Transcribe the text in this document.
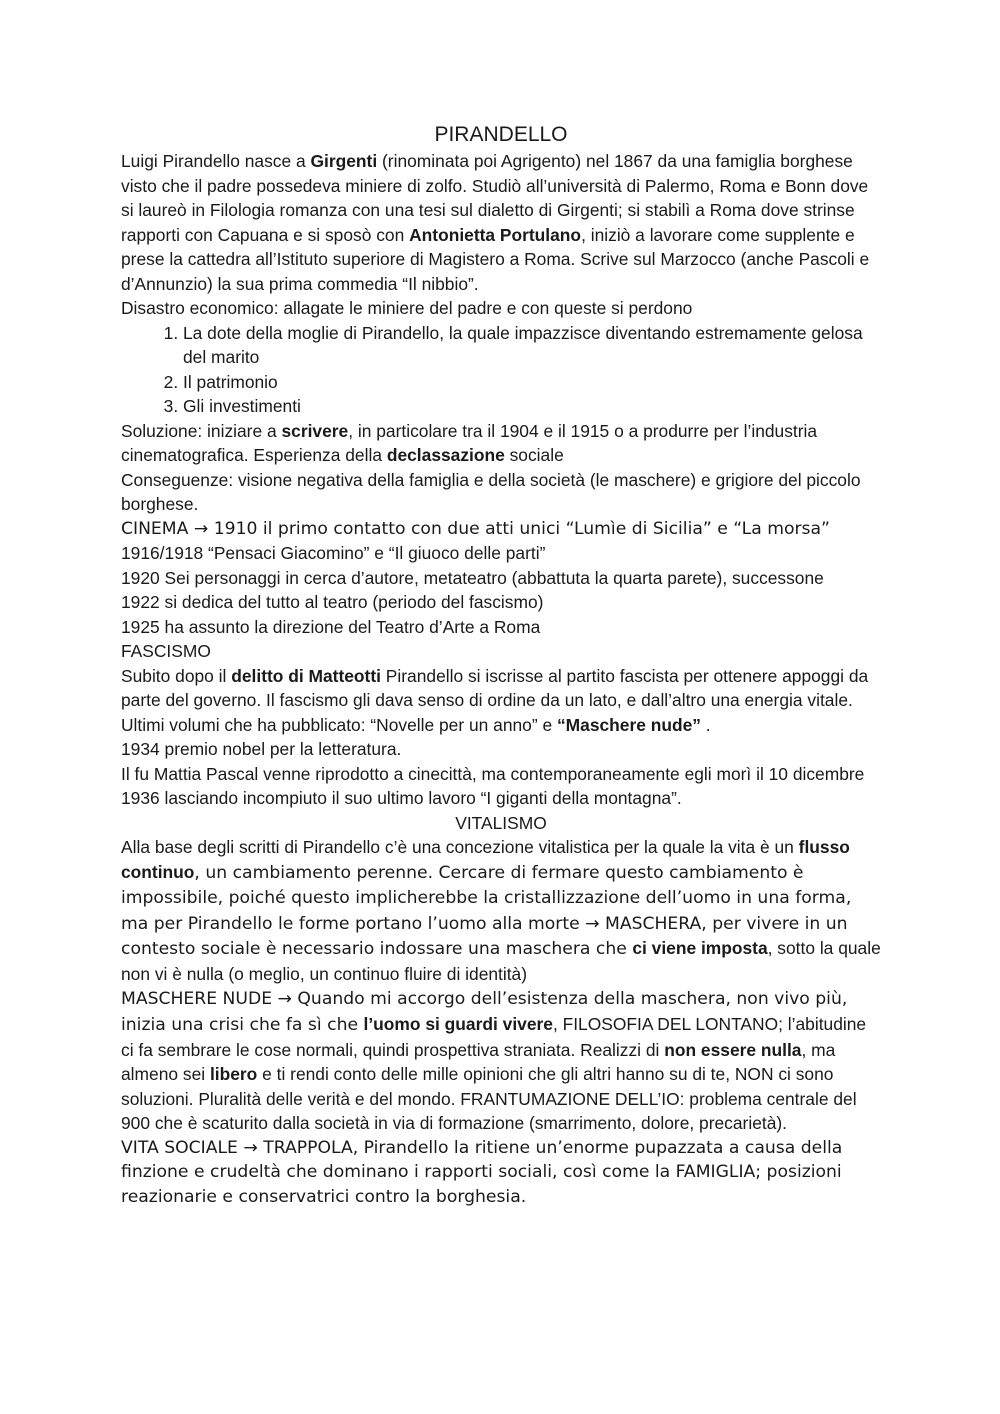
PIRANDELLO

Luigi Pirandello nasce a Girgenti (rinominata poi Agrigento) nel 1867 da una famiglia borghese visto che il padre possedeva miniere di zolfo. Studiò all’università di Palermo, Roma e Bonn dove si laureò in Filologia romanza con una tesi sul dialetto di Girgenti; si stabilì a Roma dove strinse rapporti con Capuana e si sposò con Antonietta Portulano, iniziò a lavorare come supplente e prese la cattedra all’Istituto superiore di Magistero a Roma. Scrive sul Marzocco (anche Pascoli e d’Annunzio) la sua prima commedia “Il nibbio”.

Disastro economico: allagate le miniere del padre e con queste si perdono

1. La dote della moglie di Pirandello, la quale impazzisce diventando estremamente gelosa del marito
2. Il patrimonio
3. Gli investimenti

Soluzione: iniziare a scrivere, in particolare tra il 1904 e il 1915 o a produrre per l’industria cinematografica. Esperienza della declassazione sociale

Conseguenze: visione negativa della famiglia e della società (le maschere) e grigiore del piccolo borghese.

CINEMA → 1910 il primo contatto con due atti unici “Lumìe di Sicilia” e “La morsa”

1916/1918 “Pensaci Giacomino” e “Il giuoco delle parti”

1920 Sei personaggi in cerca d’autore, metateatro (abbattuta la quarta parete), successone

1922 si dedica del tutto al teatro (periodo del fascismo)

1925 ha assunto la direzione del Teatro d’Arte a Roma

FASCISMO

Subito dopo il delitto di Matteotti Pirandello si iscrisse al partito fascista per ottenere appoggi da parte del governo. Il fascismo gli dava senso di ordine da un lato, e dall’altro una energia vitale. Ultimi volumi che ha pubblicato: “Novelle per un anno” e “Maschere nude” .

1934 premio nobel per la letteratura.

Il fu Mattia Pascal venne riprodotto a cinecittà, ma contemporaneamente egli morì il 10 dicembre 1936 lasciando incompiuto il suo ultimo lavoro “I giganti della montagna”.

VITALISMO

Alla base degli scritti di Pirandello c’è una concezione vitalistica per la quale la vita è un flusso continuo, un cambiamento perenne. Cercare di fermare questo cambiamento è impossibile, poiché questo implicherebbe la cristallizzazione dell’uomo in una forma, ma per Pirandello le forme portano l’uomo alla morte → MASCHERA, per vivere in un contesto sociale è necessario indossare una maschera che ci viene imposta, sotto la quale non vi è nulla (o meglio, un continuo fluire di identità)

MASCHERE NUDE → Quando mi accorgo dell’esistenza della maschera, non vivo più, inizia una crisi che fa sì che l’uomo si guardi vivere, FILOSOFIA DEL LONTANO; l’abitudine ci fa sembrare le cose normali, quindi prospettiva straniata. Realizzi di non essere nulla, ma almeno sei libero e ti rendi conto delle mille opinioni che gli altri hanno su di te, NON ci sono soluzioni. Pluralità delle verità e del mondo. FRANTUMAZIONE DELL’IO: problema centrale del 900 che è scaturito dalla società in via di formazione (smarrimento, dolore, precarietà).

VITA SOCIALE → TRAPPOLA, Pirandello la ritiene un’enorme pupazzata a causa della finzione e crudeltà che dominano i rapporti sociali, così come la FAMIGLIA; posizioni reazionarie e conservatrici contro la borghesia.
